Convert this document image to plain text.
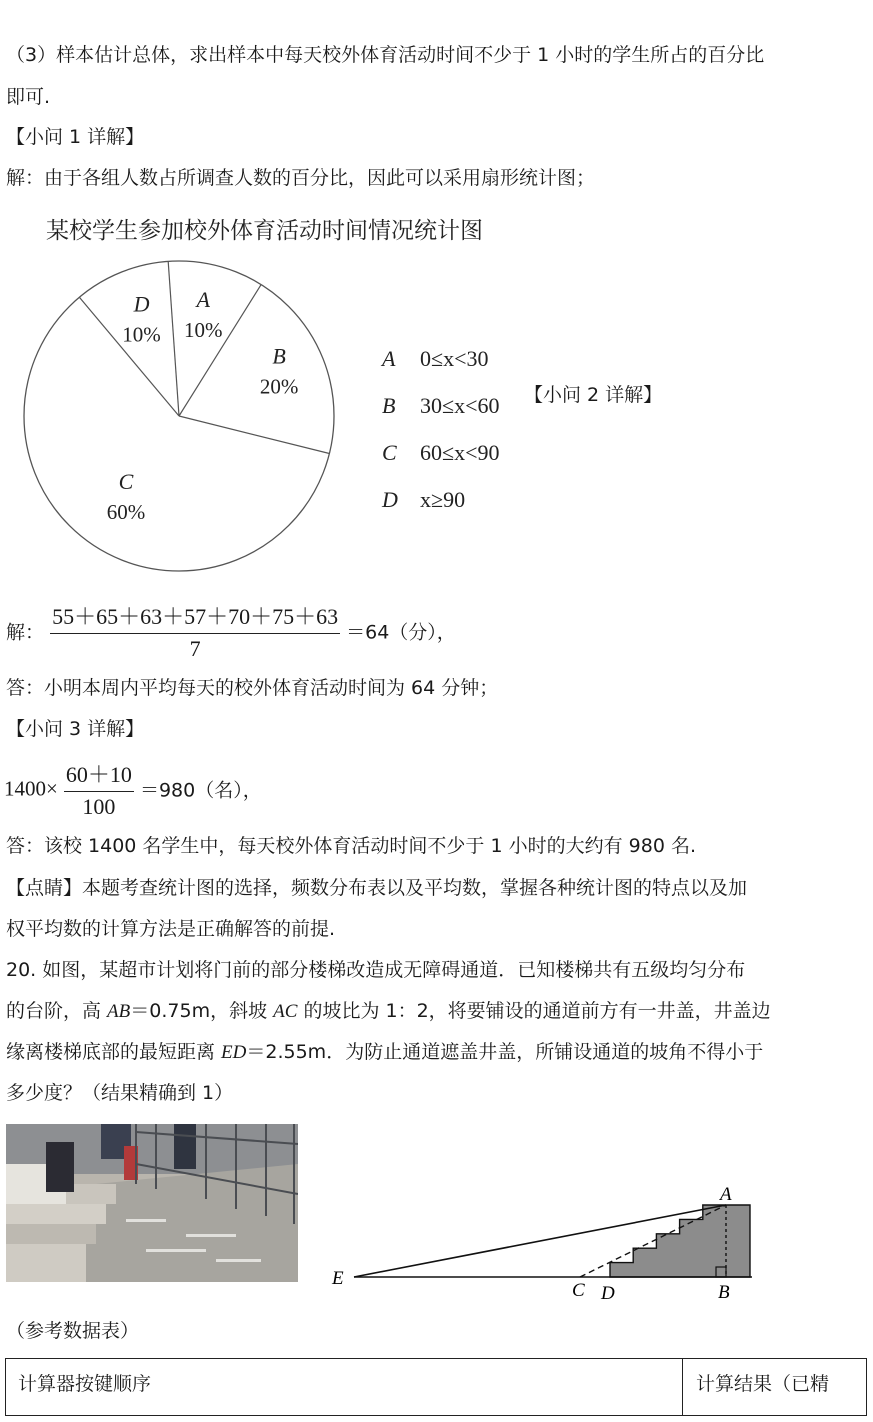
（3）样本估计总体，求出样本中每天校外体育活动时间不少于 1 小时的学生所占的百分比
即可.
【小问 1 详解】
解：由于各组人数占所调查人数的百分比，因此可以采用扇形统计图；
某校学生参加校外体育活动时间情况统计图
A
10%
B
20%
C
60%
D
10%
A 0≤x<30
B 30≤x<60
C 60≤x<90
D x≥90
【小问 2 详解】
解： $\frac{55+65+63+57+70+75+63}{7} =64$（分），
答：小明本周内平均每天的校外体育活动时间为 64 分钟；
【小问 3 详解】
$1400\times \frac{60+10}{100} =980$（名），
答：该校 1400 名学生中，每天校外体育活动时间不少于 1 小时的大约有 980 名.
【点睛】本题考查统计图的选择，频数分布表以及平均数，掌握各种统计图的特点以及加
权平均数的计算方法是正确解答的前提.
20. 如图，某超市计划将门前的部分楼梯改造成无障碍通道．已知楼梯共有五级均匀分布
的台阶，高 AB＝0.75m，斜坡 AC 的坡比为 1：2，将要铺设的通道前方有一井盖，井盖边
缘离楼梯底部的最短距离 ED＝2.55m．为防止通道遮盖井盖，所铺设通道的坡角不得小于
多少度？（结果精确到 1）
A
B
C D
E
（参考数据表）
计算器按键顺序	计算结果（已精
